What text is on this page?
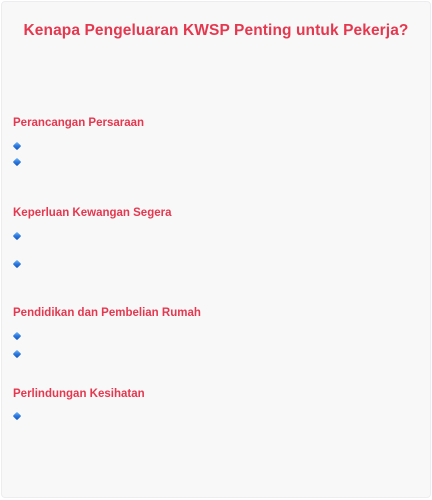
Kenapa Pengeluaran KWSP Penting untuk Pekerja?
Perancangan Persaraan
Keperluan Kewangan Segera
Pendidikan dan Pembelian Rumah
Perlindungan Kesihatan
